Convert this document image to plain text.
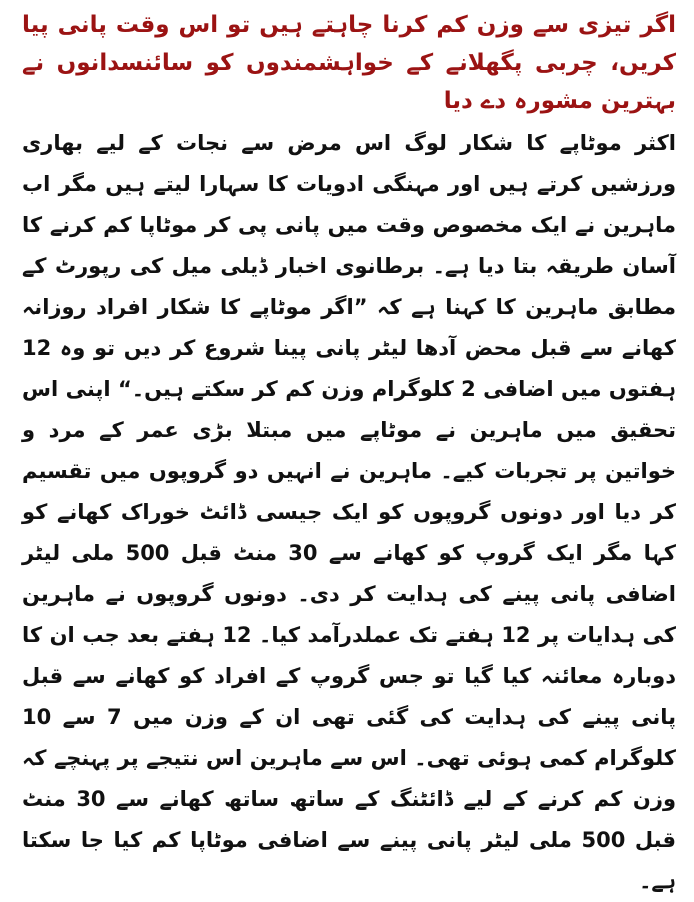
اگر تیزی سے وزن کم کرنا چاہتے ہیں تو اس وقت پانی پیا کریں، چربی پگھلانے کے خواہشمندوں کو سائنسدانوں نے بہترین مشورہ دے دیا

اکثر موٹاپے کا شکار لوگ اس مرض سے نجات کے لیے بھاری ورزشیں کرتے ہیں اور مہنگی ادویات کا سہارا لیتے ہیں مگر اب ماہرین نے ایک مخصوص وقت میں پانی پی کر موٹاپا کم کرنے کا آسان طریقہ بتا دیا ہے۔ برطانوی اخبار ڈیلی میل کی رپورٹ کے مطابق ماہرین کا کہنا ہے کہ ”اگر موٹاپے کا شکار افراد روزانہ کھانے سے قبل محض آدھا لیٹر پانی پینا شروع کر دیں تو وہ 12 ہفتوں میں اضافی 2 کلوگرام وزن کم کر سکتے ہیں۔“ اپنی اس تحقیق میں ماہرین نے موٹاپے میں مبتلا بڑی عمر کے مرد و خواتین پر تجربات کیے۔ ماہرین نے انہیں دو گروپوں میں تقسیم کر دیا اور دونوں گروپوں کو ایک جیسی ڈائٹ خوراک کھانے کو کہا مگر ایک گروپ کو کھانے سے 30 منٹ قبل 500 ملی لیٹر اضافی پانی پینے کی ہدایت کر دی۔ دونوں گروپوں نے ماہرین کی ہدایات پر 12 ہفتے تک عملدرآمد کیا۔ 12 ہفتے بعد جب ان کا دوبارہ معائنہ کیا گیا تو جس گروپ کے افراد کو کھانے سے قبل پانی پینے کی ہدایت کی گئی تھی ان کے وزن میں 7 سے 10 کلوگرام کمی ہوئی تھی۔ اس سے ماہرین اس نتیجے پر پہنچے کہ وزن کم کرنے کے لیے ڈائٹنگ کے ساتھ ساتھ کھانے سے 30 منٹ قبل 500 ملی لیٹر پانی پینے سے اضافی موٹاپا کم کیا جا سکتا ہے۔
